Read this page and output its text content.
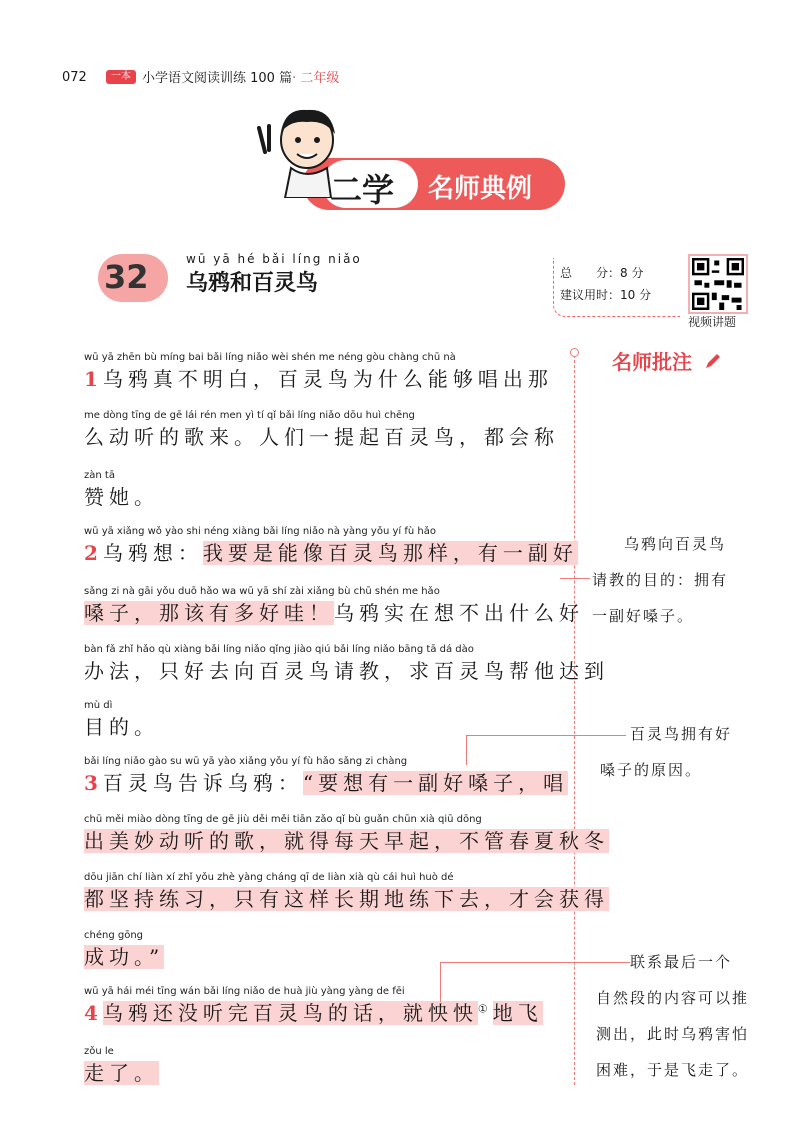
072	一本 小学语文阅读训练 100 篇· 二年级
二学 名师典例
32	wū yā hé bǎi líng niǎo
乌鸦和百灵鸟	总　　分：8 分
建议用时：10 分
视频讲题
名师批注
wū yā zhēn bù míng bai bǎi líng niǎo wèi shén me néng gòu chàng chū nà
1乌鸦真不明白，百灵鸟为什么能够唱出那
me dòng tīng de gē lái rén men yì tí qǐ bǎi líng niǎo dōu huì chēng
么动听的歌来。人们一提起百灵鸟，都会称
zàn tā
赞她。
wū yā xiǎng wǒ yào shi néng xiàng bǎi líng niǎo nà yàng yǒu yí fù hǎo
2乌鸦想：我要是能像百灵鸟那样，有一副好
sǎng zi nà gāi yǒu duō hǎo wa wū yā shí zài xiǎng bù chū shén me hǎo
嗓子，那该有多好哇！乌鸦实在想不出什么好
bàn fǎ zhǐ hǎo qù xiàng bǎi líng niǎo qǐng jiào qiú bǎi líng niǎo bāng tā dá dào
办法，只好去向百灵鸟请教，求百灵鸟帮他达到
mù dì
目的。
bǎi líng niǎo gào su wū yā yào xiǎng yǒu yí fù hǎo sǎng zi chàng
3百灵鸟告诉乌鸦：“要想有一副好嗓子，唱
chū měi miào dòng tīng de gē jiù děi měi tiān zǎo qǐ bù guǎn chūn xià qiū dōng
出美妙动听的歌，就得每天早起，不管春夏秋冬
dōu jiān chí liàn xí zhǐ yǒu zhè yàng cháng qī de liàn xià qù cái huì huò dé
都坚持练习，只有这样长期地练下去，才会获得
chéng gōng
成功。”
wū yā hái méi tīng wán bǎi líng niǎo de huà jiù yàng yàng de fēi
4乌鸦还没听完百灵鸟的话，就怏怏①地飞
zǒu le
走了。
乌鸦向百灵鸟
请教的目的：拥有
一副好嗓子。
百灵鸟拥有好
嗓子的原因。
联系最后一个
自然段的内容可以推
测出，此时乌鸦害怕
困难，于是飞走了。
